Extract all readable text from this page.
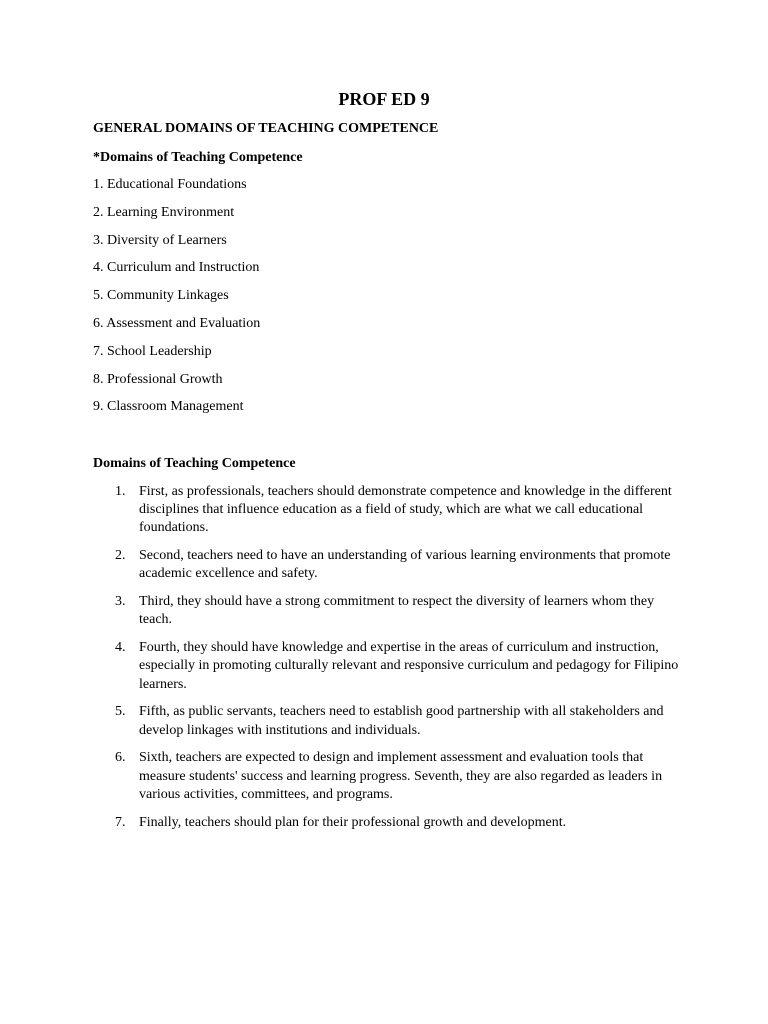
PROF ED 9

GENERAL DOMAINS OF TEACHING COMPETENCE

*Domains of Teaching Competence

1. Educational Foundations
2. Learning Environment
3. Diversity of Learners
4. Curriculum and Instruction
5. Community Linkages
6. Assessment and Evaluation
7. School Leadership
8. Professional Growth
9. Classroom Management

Domains of Teaching Competence

1. First, as professionals, teachers should demonstrate competence and knowledge in the different disciplines that influence education as a field of study, which are what we call educational foundations.
2. Second, teachers need to have an understanding of various learning environments that promote academic excellence and safety.
3. Third, they should have a strong commitment to respect the diversity of learners whom they teach.
4. Fourth, they should have knowledge and expertise in the areas of curriculum and instruction, especially in promoting culturally relevant and responsive curriculum and pedagogy for Filipino learners.
5. Fifth, as public servants, teachers need to establish good partnership with all stakeholders and develop linkages with institutions and individuals.
6. Sixth, teachers are expected to design and implement assessment and evaluation tools that measure students' success and learning progress. Seventh, they are also regarded as leaders in various activities, committees, and programs.
7. Finally, teachers should plan for their professional growth and development.
